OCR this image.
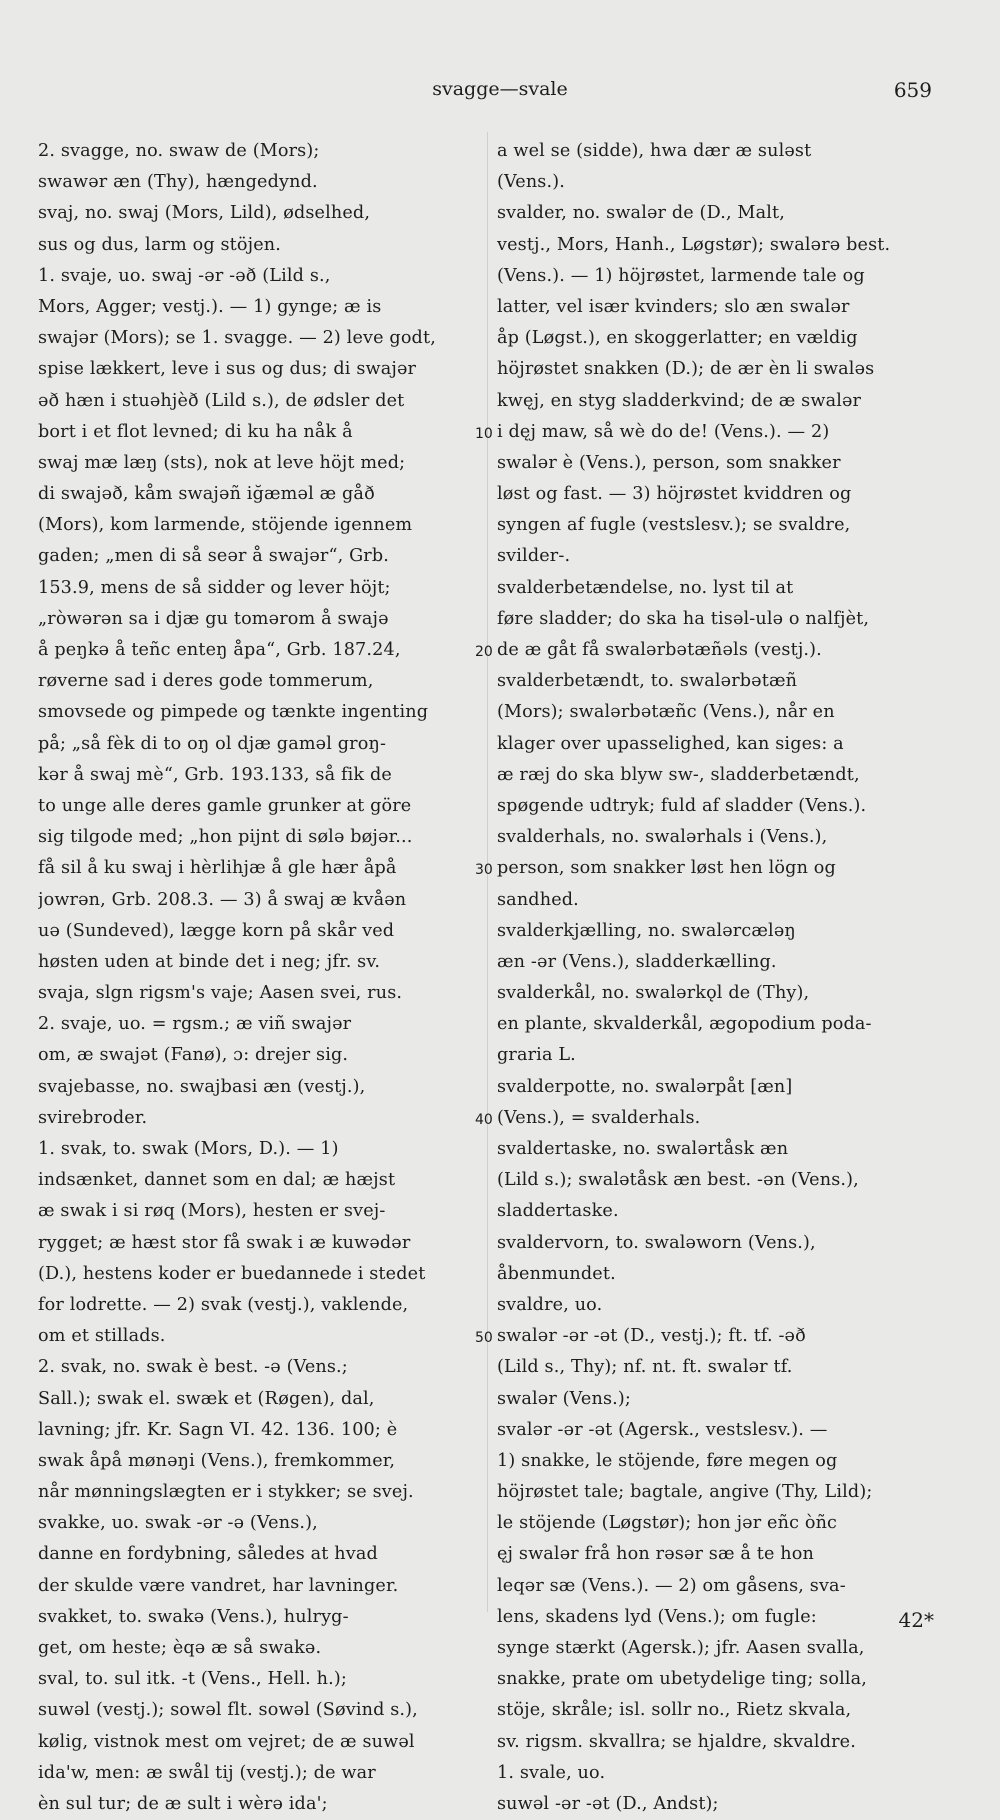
svagge—svale	659
2. svagge, no. swaw de (Mors);
swawər æn (Thy), hængedynd.
svaj, no. swaj (Mors, Lild), ødselhed,
sus og dus, larm og stöjen.
1. svaje, uo. swaj -ər -əð (Lild s.,
Mors, Agger; vestj.). — 1) gynge; æ is
swajər (Mors); se 1. svagge. — 2) leve godt,
spise lækkert, leve i sus og dus; di swajər
əð hæn i stuəhjèð (Lild s.), de ødsler det
bort i et flot levned; di ku ha nåk å
swaj mæ læŋ (sts), nok at leve höjt med;
di swajəð, kåm swajəñ iğæməl æ gåð
(Mors), kom larmende, stöjende igennem
gaden; „men di så seər å swajər“, Grb.
153.9, mens de så sidder og lever höjt;
„ròwərən sa i djæ gu tomərom å swajə
å peŋkə å teñc enteŋ åpa“, Grb. 187.24,
røverne sad i deres gode tommerum,
smovsede og pimpede og tænkte ingenting
på; „så fèk di to oŋ ol djæ gaməl groŋ-
kər å swaj mè“, Grb. 193.133, så fik de
to unge alle deres gamle grunker at göre
sig tilgode med; „hon pijnt di sølə bøjər...
få sil å ku swaj i hèrlihjæ å gle hær åpå
jowrən, Grb. 208.3. — 3) å swaj æ kvåən
uə (Sundeved), lægge korn på skår ved
høsten uden at binde det i neg; jfr. sv.
svaja, slgn rigsm's vaje; Aasen svei, rus.
2. svaje, uo. = rgsm.; æ viñ swajər
om, æ swajət (Fanø), ɔ: drejer sig.
svajebasse, no. swajbasi æn (vestj.),
svirebroder.
1. svak, to. swak (Mors, D.). — 1)
indsænket, dannet som en dal; æ hæjst
æ swak i si røq (Mors), hesten er svej-
rygget; æ hæst stor få swak i æ kuwədər
(D.), hestens koder er buedannede i stedet
for lodrette. — 2) svak (vestj.), vaklende,
om et stillads.
2. svak, no. swak è best. -ə (Vens.;
Sall.); swak el. swæk et (Røgen), dal,
lavning; jfr. Kr. Sagn VI. 42. 136. 100; è
swak åpå mønəŋi (Vens.), fremkommer,
når mønningslægten er i stykker; se svej.
svakke, uo. swak -ər -ə (Vens.),
danne en fordybning, således at hvad
der skulde være vandret, har lavninger.
svakket, to. swakə (Vens.), hulryg-
get, om heste; èqə æ så swakə.
sval, to. sul itk. -t (Vens., Hell. h.);
suwəl (vestj.); sowəl flt. sowəl (Søvind s.),
kølig, vistnok mest om vejret; de æ suwəl
ida'w, men: æ swål tij (vestj.); de war
èn sul tur; de æ sult i wèrə ida';
a wel se (sidde), hwa dær æ suləst
(Vens.).
svalder, no. swalər de (D., Malt,
vestj., Mors, Hanh., Løgstør); swalərə best.
(Vens.). — 1) höjrøstet, larmende tale og
latter, vel især kvinders; slo æn swalər
åp (Løgst.), en skoggerlatter; en vældig
höjrøstet snakken (D.); de ær èn li swaləs
kwęj, en styg sladderkvind; de æ swalər
i dęj maw, så wè do de! (Vens.). — 2)
swalər è (Vens.), person, som snakker
løst og fast. — 3) höjrøstet kviddren og
syngen af fugle (vestslesv.); se svaldre,
svilder-.
svalderbetændelse, no. lyst til at
føre sladder; do ska ha tisəl-ulə o nalfjèt,
de æ gåt få swalərbətæñəls (vestj.).
svalderbetændt, to. swalərbətæñ
(Mors); swalərbətæñc (Vens.), når en
klager over upasselighed, kan siges: a
æ ræj do ska blyw sw-, sladderbetændt,
spøgende udtryk; fuld af sladder (Vens.).
svalderhals, no. swalərhals i (Vens.),
person, som snakker løst hen lögn og
sandhed.
svalderkjælling, no. swalərcæləŋ
æn -ər (Vens.), sladderkælling.
svalderkål, no. swalərkǫl de (Thy),
en plante, skvalderkål, ægopodium poda-
graria L.
svalderpotte, no. swalərpåt [æn]
(Vens.), = svalderhals.
svaldertaske, no. swalərtåsk æn
(Lild s.); swalətåsk æn best. -ən (Vens.),
sladdertaske.
svaldervorn, to. swaləworn (Vens.),
åbenmundet.
svaldre, uo.
swalər -ər -ət (D., vestj.); ft. tf. -əð
(Lild s., Thy); nf. nt. ft. swalər tf.
swalər (Vens.);
svalər -ər -ət (Agersk., vestslesv.). —
1) snakke, le stöjende, føre megen og
höjrøstet tale; bagtale, angive (Thy, Lild);
le stöjende (Løgstør); hon jər eñc òñc
ęj swalər frå hon rəsər sæ å te hon
leqər sæ (Vens.). — 2) om gåsens, sva-
lens, skadens lyd (Vens.); om fugle:
synge stærkt (Agersk.); jfr. Aasen svalla,
snakke, prate om ubetydelige ting; solla,
stöje, skråle; isl. sollr no., Rietz skvala,
sv. rigsm. skvallra; se hjaldre, skvaldre.
1. svale, uo.
suwəl -ər -ət (D., Andst);
10
20
30
40
50
42*
